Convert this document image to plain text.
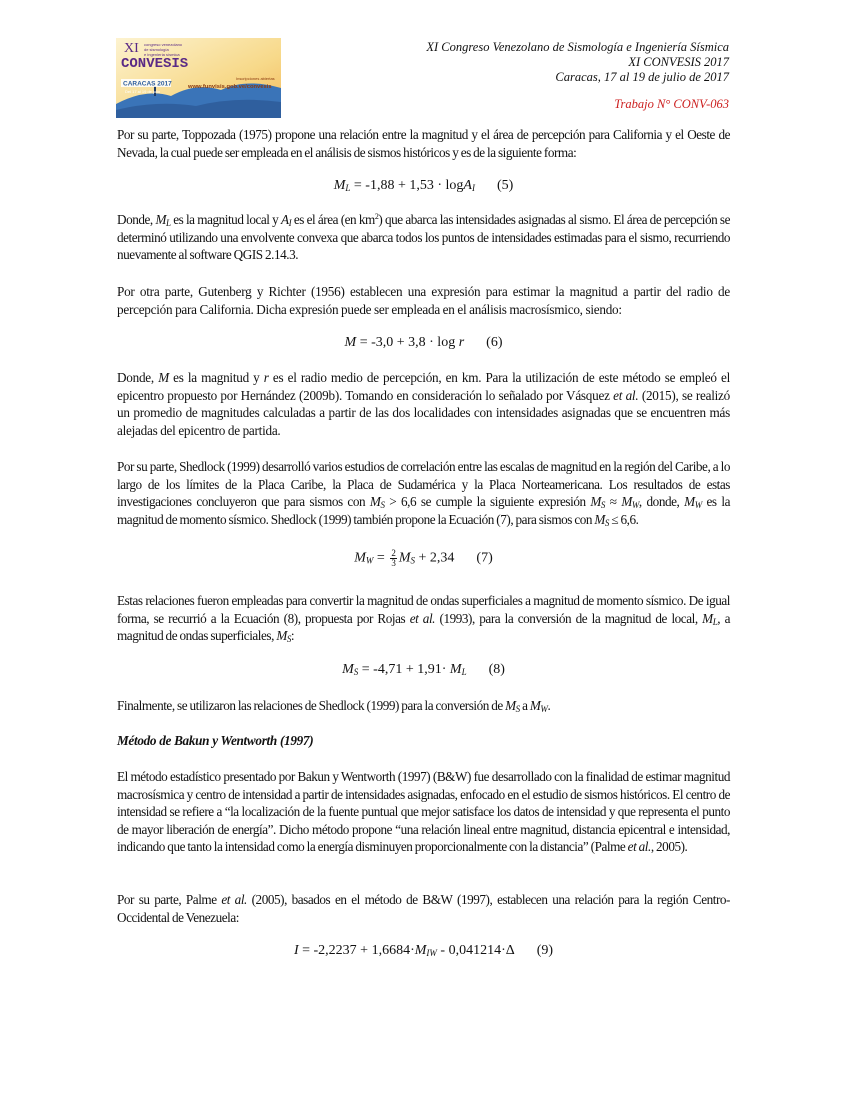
XI
CONVESIS
congreso venezolano
de sismología
e ingeniería sísmica
CARACAS 2017
Del 17 al 19 de julio
Inscripciones abiertas
www.funvisis.gob.ve/convesis
XI Congreso Venezolano de Sismología e Ingeniería Sísmica
XI CONVESIS 2017
Caracas, 17 al 19 de julio de 2017
Trabajo N° CONV-063
Por su parte, Toppozada (1975) propone una relación entre la magnitud y el área de percepción para California y el Oeste de Nevada, la cual puede ser empleada en el análisis de sismos históricos y es de la siguiente forma:
$M_L = -1,88 + 1,53 \cdot \log A_I$ (5)
Donde, $M_L$ es la magnitud local y $A_I$ es el área (en $km^2$) que abarca las intensidades asignadas al sismo. El área de percepción se determinó utilizando una envolvente convexa que abarca todos los puntos de intensidades estimadas para el sismo, recurriendo nuevamente al software QGIS 2.14.3.
Por otra parte, Gutenberg y Richter (1956) establecen una expresión para estimar la magnitud a partir del radio de percepción para California. Dicha expresión puede ser empleada en el análisis macrosísmico, siendo:
M = -3,0 + 3,8 · log r (6)
Donde, M es la magnitud y r es el radio medio de percepción, en km. Para la utilización de este método se empleó el epicentro propuesto por Hernández (2009b). Tomando en consideración lo señalado por Vásquez et al. (2015), se realizó un promedio de magnitudes calculadas a partir de las dos localidades con intensidades asignadas que se encuentren más alejadas del epicentro de partida.
Por su parte, Shedlock (1999) desarrolló varios estudios de correlación entre las escalas de magnitud en la región del Caribe, a lo largo de los límites de la Placa Caribe, la Placa de Sudamérica y la Placa Norteamericana. Los resultados de estas investigaciones concluyeron que para sismos con $M_S > 6,6$ se cumple la siguiente expresión $M_S \approx M_W$, donde, $M_W$ es la magnitud de momento sísmico. Shedlock (1999) también propone la Ecuación (7), para sismos con $M_S \le 6,6$.
$M_W = \frac{2}{3} M_S + 2,34$ (7)
Estas relaciones fueron empleadas para convertir la magnitud de ondas superficiales a magnitud de momento sísmico. De igual forma, se recurrió a la Ecuación (8), propuesta por Rojas et al. (1993), para la conversión de la magnitud de local, $M_L$, a magnitud de ondas superficiales, $M_S$:
$M_S = -4,71 + 1,91\cdot M_L$ (8)
Finalmente, se utilizaron las relaciones de Shedlock (1999) para la conversión de $M_S$ a $M_W$.
Método de Bakun y Wentworth (1997)
El método estadístico presentado por Bakun y Wentworth (1997) (B&W) fue desarrollado con la finalidad de estimar magnitud macrosísmica y centro de intensidad a partir de intensidades asignadas, enfocado en el estudio de sismos históricos. El centro de intensidad se refiere a “la localización de la fuente puntual que mejor satisface los datos de intensidad y que representa el punto de mayor liberación de energía”. Dicho método propone “una relación lineal entre magnitud, distancia epicentral e intensidad, indicando que tanto la intensidad como la energía disminuyen proporcionalmente con la distancia” (Palme et al., 2005).
Por su parte, Palme et al. (2005), basados en el método de B&W (1997), establecen una relación para la región Centro-Occidental de Venezuela:
$I = -2,2237 + 1,6684\cdot M_{IW} - 0,041214\cdot\Delta$ (9)
